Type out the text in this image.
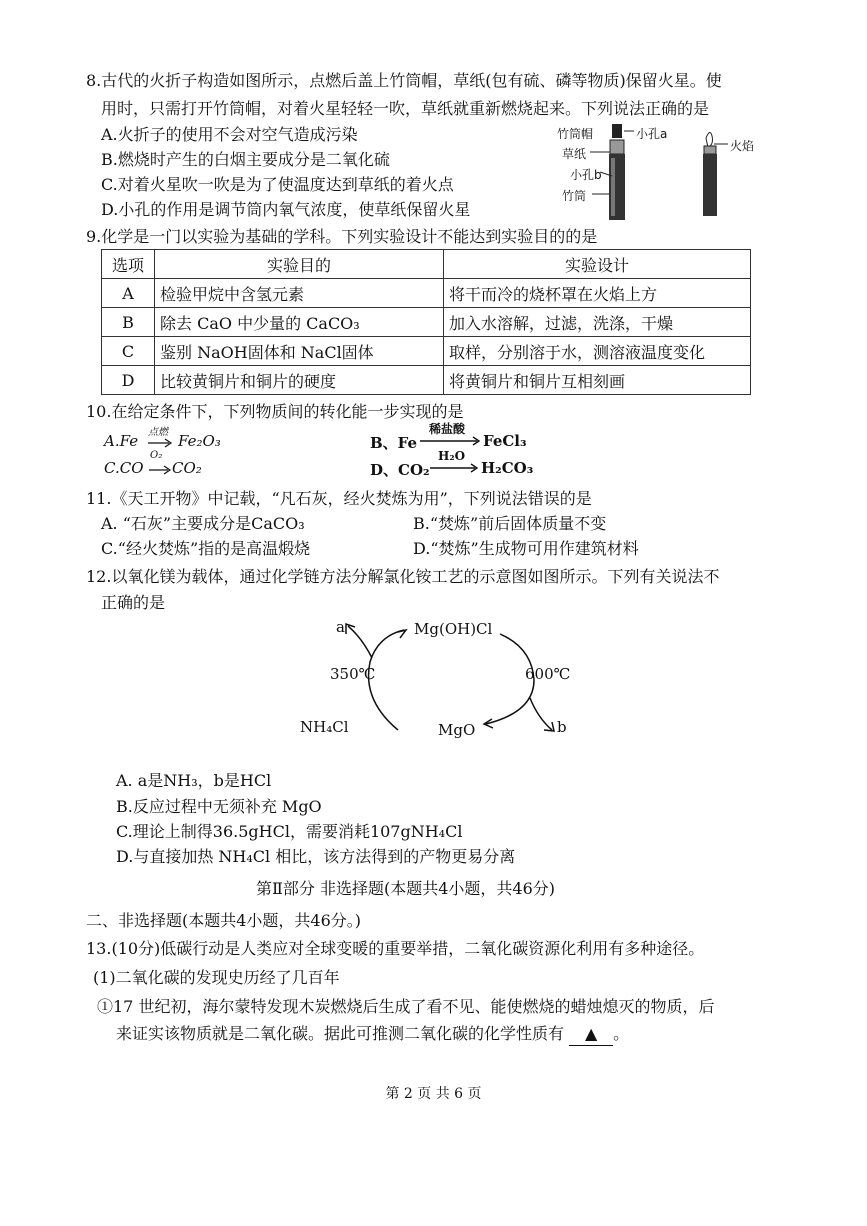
8.古代的火折子构造如图所示，点燃后盖上竹筒帽，草纸(包有硫、磷等物质)保留火星。使
用时，只需打开竹筒帽，对着火星轻轻一吹，草纸就重新燃烧起来。下列说法正确的是
A.火折子的使用不会对空气造成污染
B.燃烧时产生的白烟主要成分是二氧化硫
C.对着火星吹一吹是为了使温度达到草纸的着火点
D.小孔的作用是调节筒内氧气浓度，使草纸保留火星
竹筒帽	小孔a
草纸
小孔b
竹筒
火焰
9.化学是一门以实验为基础的学科。下列实验设计不能达到实验目的的是
选项	实验目的	实验设计
A	检验甲烷中含氢元素	将干而冷的烧杯罩在火焰上方
B	除去 CaO 中少量的 CaCO₃	加入水溶解，过滤，洗涤，干燥
C	鉴别 NaOH固体和 NaCl固体	取样，分别溶于水，测溶液温度变化
D	比较黄铜片和铜片的硬度	将黄铜片和铜片互相刻画
10.在给定条件下，下列物质间的转化能一步实现的是
A.Fe 点燃 Fe₂O₃	B、Fe
稀盐酸
FeCl₃
C.CO
O₂
CO₂	D、CO₂
H₂O
H₂CO₃
11.《天工开物》中记载，“凡石灰，经火焚炼为用”，下列说法错误的是
A. “石灰”主要成分是CaCO₃	B.“焚炼”前后固体质量不变
C.“经火焚炼”指的是高温煅烧	D.“焚炼”生成物可用作建筑材料
12.以氧化镁为载体，通过化学链方法分解氯化铵工艺的示意图如图所示。下列有关说法不
正确的是
a	Mg(OH)Cl
350℃	600℃
NH₄Cl	MgO	b
A. a是NH₃，b是HCl
B.反应过程中无须补充 MgO
C.理论上制得36.5gHCl，需要消耗107gNH₄Cl
D.与直接加热 NH₄Cl 相比，该方法得到的产物更易分离
第Ⅱ部分 非选择题(本题共4小题，共46分)
二、非选择题(本题共4小题，共46分。)
13.(10分)低碳行动是人类应对全球变暖的重要举措，二氧化碳资源化利用有多种途径。
(1)二氧化碳的发现史历经了几百年
①17 世纪初，海尔蒙特发现木炭燃烧后生成了看不见、能使燃烧的蜡烛熄灭的物质，后
来证实该物质就是二氧化碳。据此可推测二氧化碳的化学性质有 ▲ 。
第 2 页 共 6 页
